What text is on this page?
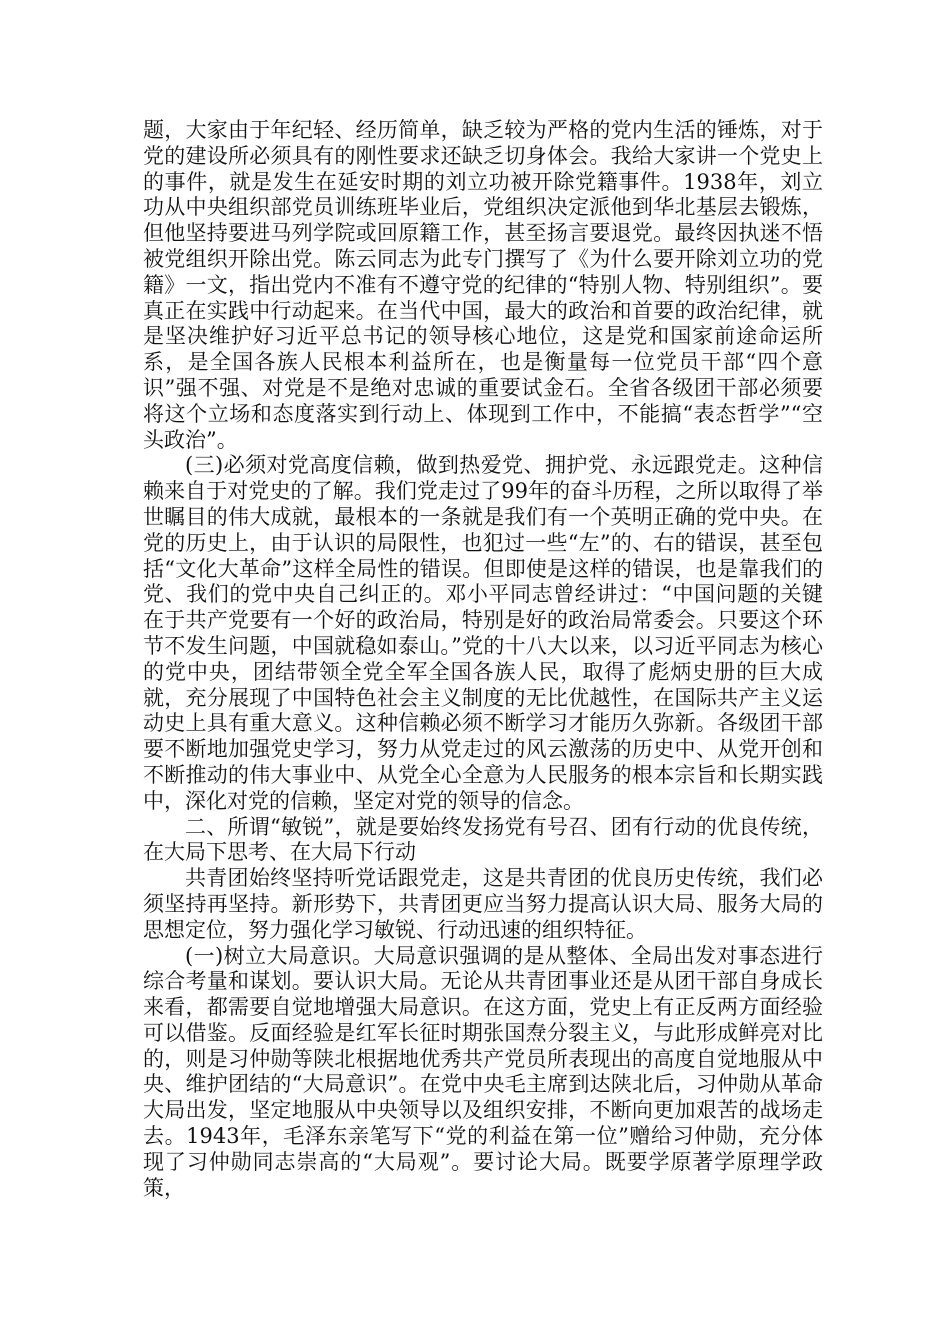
题，大家由于年纪轻、经历简单，缺乏较为严格的党内生活的锤炼，对于党的建设所必须具有的刚性要求还缺乏切身体会。我给大家讲一个党史上的事件，就是发生在延安时期的刘立功被开除党籍事件。1938年，刘立功从中央组织部党员训练班毕业后，党组织决定派他到华北基层去锻炼，但他坚持要进马列学院或回原籍工作，甚至扬言要退党。最终因执迷不悟被党组织开除出党。陈云同志为此专门撰写了《为什么要开除刘立功的党籍》一文，指出党内不准有不遵守党的纪律的“特别人物、特别组织”。要真正在实践中行动起来。在当代中国，最大的政治和首要的政治纪律，就是坚决维护好习近平总书记的领导核心地位，这是党和国家前途命运所系，是全国各族人民根本利益所在，也是衡量每一位党员干部“四个意识”强不强、对党是不是绝对忠诚的重要试金石。全省各级团干部必须要将这个立场和态度落实到行动上、体现到工作中，不能搞“表态哲学”“空头政治”。

(三)必须对党高度信赖，做到热爱党、拥护党、永远跟党走。这种信赖来自于对党史的了解。我们党走过了99年的奋斗历程，之所以取得了举世瞩目的伟大成就，最根本的一条就是我们有一个英明正确的党中央。在党的历史上，由于认识的局限性，也犯过一些“左”的、右的错误，甚至包括“文化大革命”这样全局性的错误。但即使是这样的错误，也是靠我们的党、我们的党中央自己纠正的。邓小平同志曾经讲过：“中国问题的关键在于共产党要有一个好的政治局，特别是好的政治局常委会。只要这个环节不发生问题，中国就稳如泰山。”党的十八大以来，以习近平同志为核心的党中央，团结带领全党全军全国各族人民，取得了彪炳史册的巨大成就，充分展现了中国特色社会主义制度的无比优越性，在国际共产主义运动史上具有重大意义。这种信赖必须不断学习才能历久弥新。各级团干部要不断地加强党史学习，努力从党走过的风云激荡的历史中、从党开创和不断推动的伟大事业中、从党全心全意为人民服务的根本宗旨和长期实践中，深化对党的信赖，坚定对党的领导的信念。

二、所谓“敏锐”，就是要始终发扬党有号召、团有行动的优良传统，在大局下思考、在大局下行动

共青团始终坚持听党话跟党走，这是共青团的优良历史传统，我们必须坚持再坚持。新形势下，共青团更应当努力提高认识大局、服务大局的思想定位，努力强化学习敏锐、行动迅速的组织特征。

(一)树立大局意识。大局意识强调的是从整体、全局出发对事态进行综合考量和谋划。要认识大局。无论从共青团事业还是从团干部自身成长来看，都需要自觉地增强大局意识。在这方面，党史上有正反两方面经验可以借鉴。反面经验是红军长征时期张国焘分裂主义，与此形成鲜亮对比的，则是习仲勋等陕北根据地优秀共产党员所表现出的高度自觉地服从中央、维护团结的“大局意识”。在党中央毛主席到达陕北后，习仲勋从革命大局出发，坚定地服从中央领导以及组织安排，不断向更加艰苦的战场走去。1943年，毛泽东亲笔写下“党的利益在第一位”赠给习仲勋，充分体现了习仲勋同志崇高的“大局观”。要讨论大局。既要学原著学原理学政策，
